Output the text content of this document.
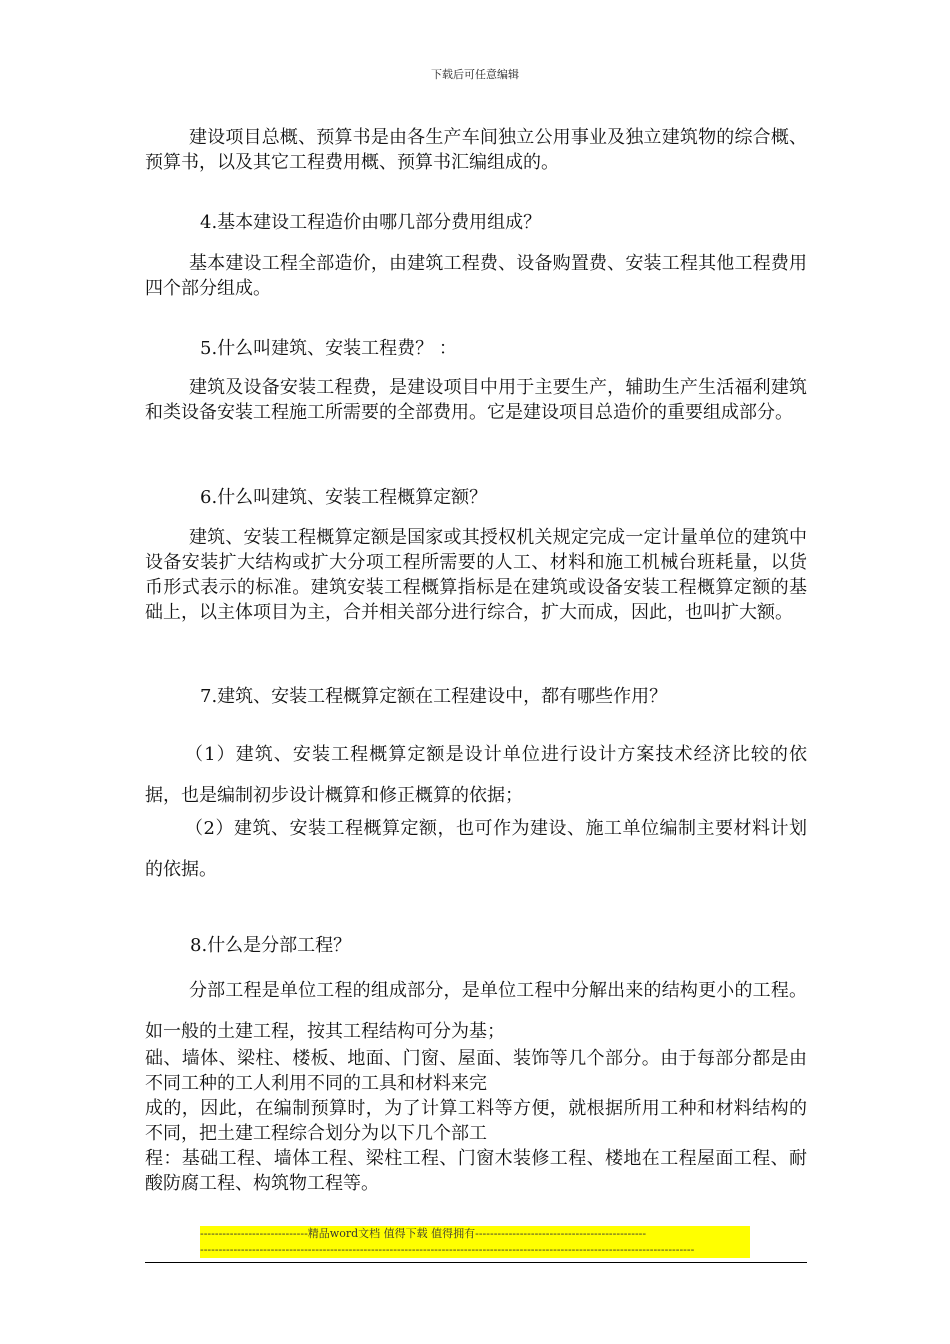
下载后可任意编辑

建设项目总概、预算书是由各生产车间独立公用事业及独立建筑物的综合概、预算书，以及其它工程费用概、预算书汇编组成的。

4.基本建设工程造价由哪几部分费用组成？

基本建设工程全部造价，由建筑工程费、设备购置费、安装工程其他工程费用四个部分组成。

5.什么叫建筑、安装工程费？ ：

建筑及设备安装工程费，是建设项目中用于主要生产，辅助生产生活福利建筑和类设备安装工程施工所需要的全部费用。它是建设项目总造价的重要组成部分。

6.什么叫建筑、安装工程概算定额？

建筑、安装工程概算定额是国家或其授权机关规定完成一定计量单位的建筑中设备安装扩大结构或扩大分项工程所需要的人工、材料和施工机械台班耗量，以货币形式表示的标准。建筑安装工程概算指标是在建筑或设备安装工程概算定额的基础上，以主体项目为主，合并相关部分进行综合，扩大而成，因此，也叫扩大额。

7.建筑、安装工程概算定额在工程建设中，都有哪些作用？

（1）建筑、安装工程概算定额是设计单位进行设计方案技术经济比较的依据，也是编制初步设计概算和修正概算的依据；

（2）建筑、安装工程概算定额，也可作为建设、施工单位编制主要材料计划的依据。

8.什么是分部工程？

分部工程是单位工程的组成部分，是单位工程中分解出来的结构更小的工程。如一般的土建工程，按其工程结构可分为基；

础、墙体、梁柱、楼板、地面、门窗、屋面、装饰等几个部分。由于每部分都是由不同工种的工人利用不同的工具和材料来完

成的，因此，在编制预算时，为了计算工料等方便，就根据所用工种和材料结构的不同，把土建工程综合划分为以下几个部工

程：基础工程、墙体工程、梁柱工程、门窗木装修工程、楼地在工程屋面工程、耐酸防腐工程、构筑物工程等。

-----------------------------精品word文档 值得下载 值得拥有----------------------------------------------
-------------------------------------------------------------------------------------------------------------------------------------
